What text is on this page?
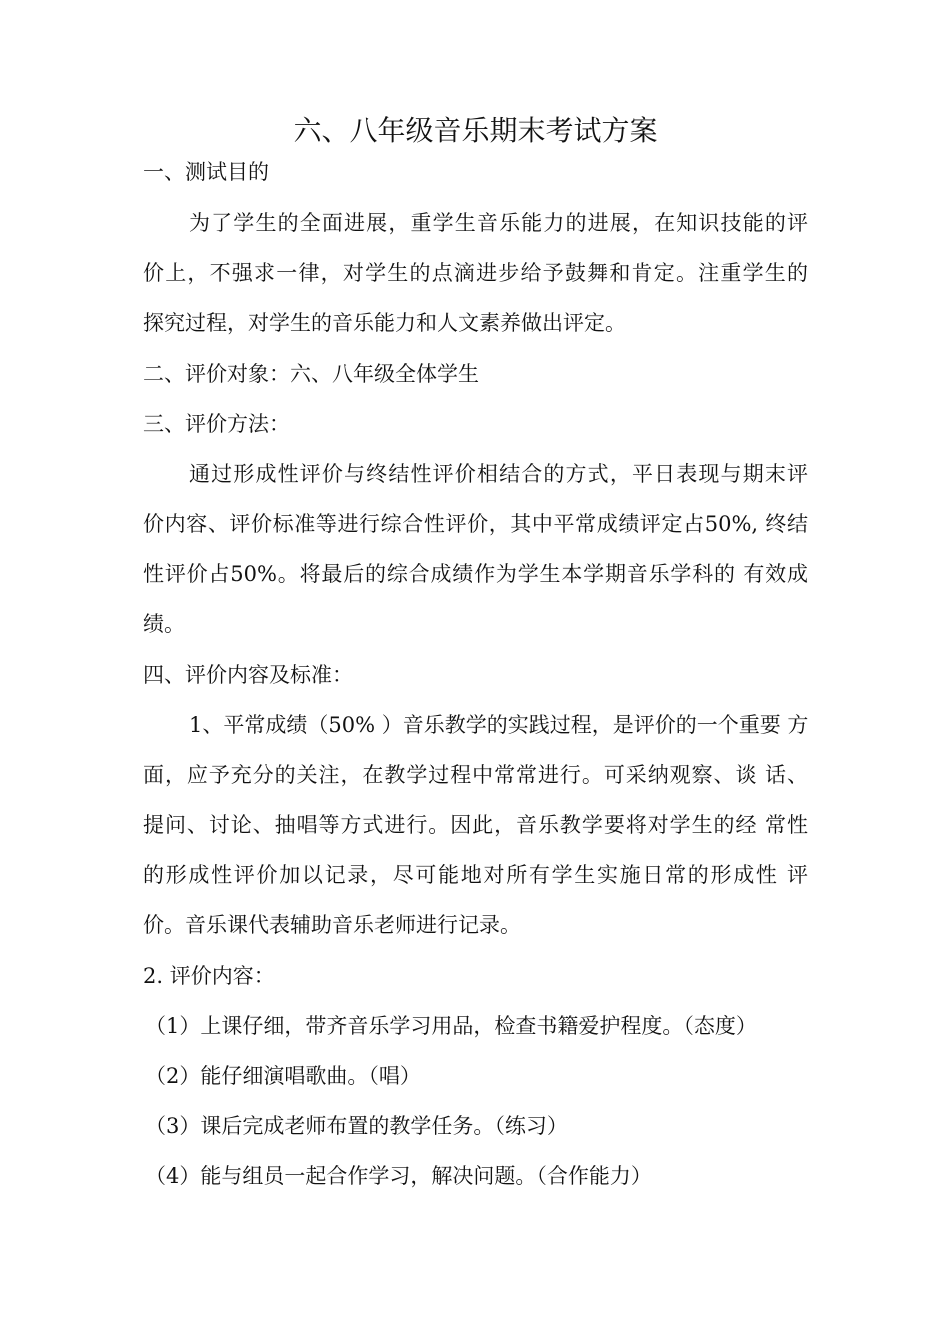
六、八年级音乐期末考试方案
一、测试目的
为了学生的全面进展，重学生音乐能力的进展，在知识技能的评
价上，不强求一律，对学生的点滴进步给予鼓舞和肯定。注重学生的
探究过程，对学生的音乐能力和人文素养做出评定。
二、评价对象：六、八年级全体学生
三、评价方法：
通过形成性评价与终结性评价相结合的方式，平日表现与期末评
价内容、评价标准等进行综合性评价，其中平常成绩评定占50%, 终结
性评价占50%。将最后的综合成绩作为学生本学期音乐学科的 有效成
绩。
四、评价内容及标准：
1、平常成绩（50% ）音乐教学的实践过程，是评价的一个重要 方
面，应予充分的关注，在教学过程中常常进行。可采纳观察、谈 话、
提问、讨论、抽唱等方式进行。因此，音乐教学要将对学生的经 常性
的形成性评价加以记录，尽可能地对所有学生实施日常的形成性 评
价。音乐课代表辅助音乐老师进行记录。
2. 评价内容：
（1）上课仔细，带齐音乐学习用品，检查书籍爱护程度。（态度）
（2）能仔细演唱歌曲。（唱）
（3）课后完成老师布置的教学任务。（练习）
（4）能与组员一起合作学习，解决问题。（合作能力）
